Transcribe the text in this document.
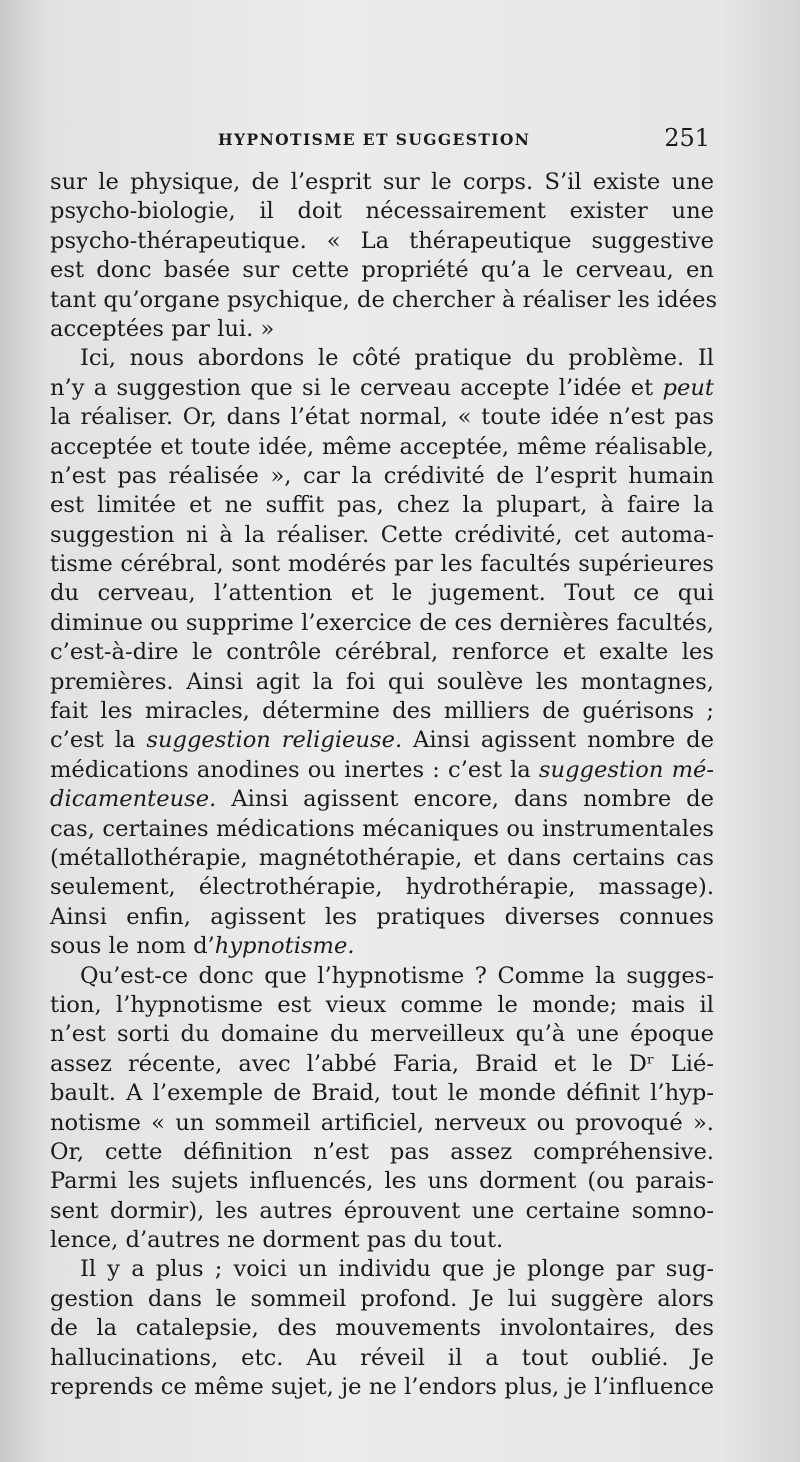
HYPNOTISME ET SUGGESTION	251
sur le physique, de l’esprit sur le corps. S’il existe une
psycho-biologie, il doit nécessairement exister une
psycho-thérapeutique. « La thérapeutique suggestive
est donc basée sur cette propriété qu’a le cerveau, en
tant qu’organe psychique, de chercher à réaliser les idées
acceptées par lui. »
Ici, nous abordons le côté pratique du problème. Il
n’y a suggestion que si le cerveau accepte l’idée et peut
la réaliser. Or, dans l’état normal, « toute idée n’est pas
acceptée et toute idée, même acceptée, même réalisable,
n’est pas réalisée », car la crédivité de l’esprit humain
est limitée et ne suffit pas, chez la plupart, à faire la
suggestion ni à la réaliser. Cette crédivité, cet automa-
tisme cérébral, sont modérés par les facultés supérieures
du cerveau, l’attention et le jugement. Tout ce qui
diminue ou supprime l’exercice de ces dernières facultés,
c’est-à-dire le contrôle cérébral, renforce et exalte les
premières. Ainsi agit la foi qui soulève les montagnes,
fait les miracles, détermine des milliers de guérisons ;
c’est la suggestion religieuse. Ainsi agissent nombre de
médications anodines ou inertes : c’est la suggestion mé-
dicamenteuse. Ainsi agissent encore, dans nombre de
cas, certaines médications mécaniques ou instrumentales
(métallothérapie, magnétothérapie, et dans certains cas
seulement, électrothérapie, hydrothérapie, massage).
Ainsi enfin, agissent les pratiques diverses connues
sous le nom d’hypnotisme.
Qu’est-ce donc que l’hypnotisme ? Comme la sugges-
tion, l’hypnotisme est vieux comme le monde; mais il
n’est sorti du domaine du merveilleux qu’à une époque
assez récente, avec l’abbé Faria, Braid et le Dʳ Lié-
bault. A l’exemple de Braid, tout le monde définit l’hyp-
notisme « un sommeil artificiel, nerveux ou provoqué ».
Or, cette définition n’est pas assez compréhensive.
Parmi les sujets influencés, les uns dorment (ou parais-
sent dormir), les autres éprouvent une certaine somno-
lence, d’autres ne dorment pas du tout.
Il y a plus ; voici un individu que je plonge par sug-
gestion dans le sommeil profond. Je lui suggère alors
de la catalepsie, des mouvements involontaires, des
hallucinations, etc. Au réveil il a tout oublié. Je
reprends ce même sujet, je ne l’endors plus, je l’influence
